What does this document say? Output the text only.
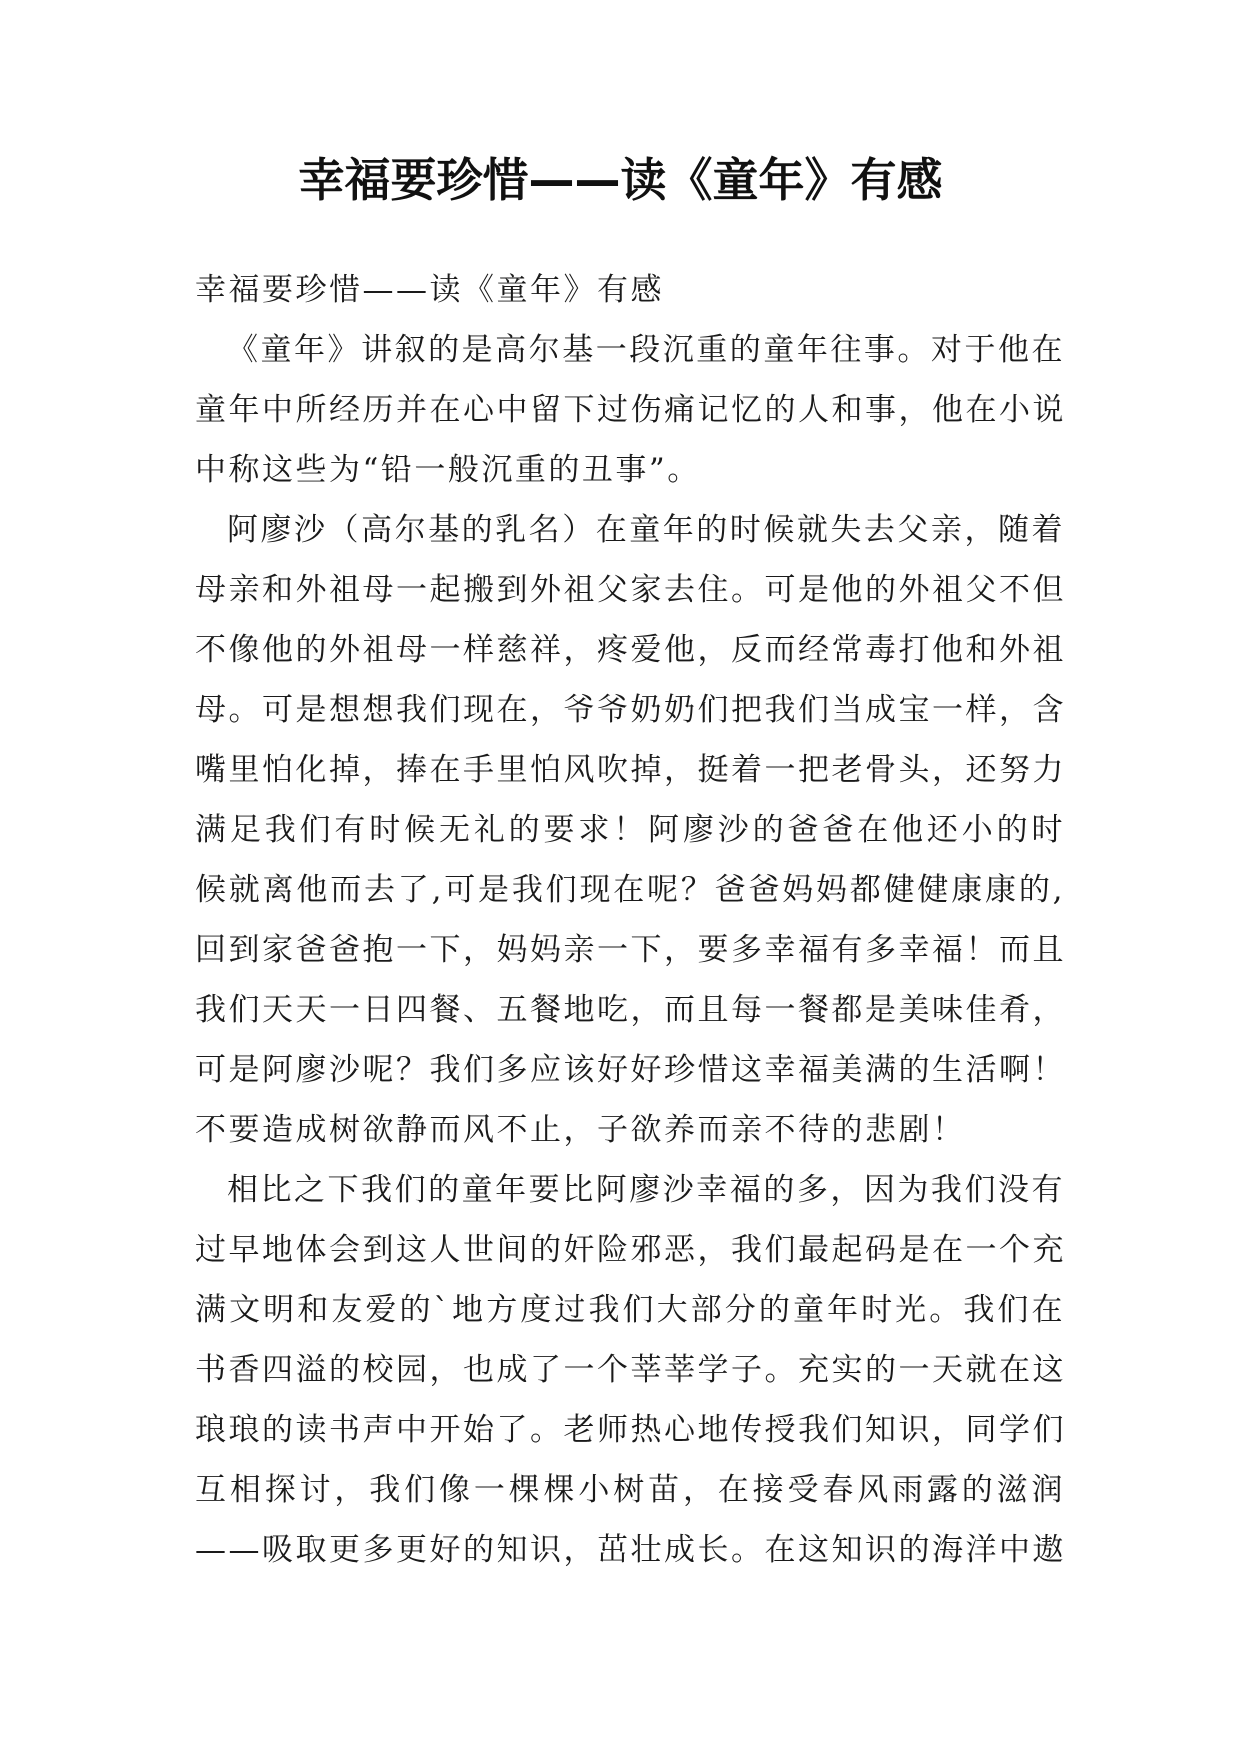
幸福要珍惜——读《童年》有感

幸福要珍惜——读《童年》有感

《童年》讲叙的是高尔基一段沉重的童年往事。对于他在
童年中所经历并在心中留下过伤痛记忆的人和事，他在小说
中称这些为“铅一般沉重的丑事”。
阿廖沙（高尔基的乳名）在童年的时候就失去父亲，随着
母亲和外祖母一起搬到外祖父家去住。可是他的外祖父不但
不像他的外祖母一样慈祥，疼爱他，反而经常毒打他和外祖
母。可是想想我们现在，爷爷奶奶们把我们当成宝一样，含
嘴里怕化掉，捧在手里怕风吹掉，挺着一把老骨头，还努力
满足我们有时候无礼的要求！阿廖沙的爸爸在他还小的时
候就离他而去了,可是我们现在呢？爸爸妈妈都健健康康的,
回到家爸爸抱一下，妈妈亲一下，要多幸福有多幸福！而且
我们天天一日四餐、五餐地吃，而且每一餐都是美味佳肴，
可是阿廖沙呢？我们多应该好好珍惜这幸福美满的生活啊！
不要造成树欲静而风不止，子欲养而亲不待的悲剧！
相比之下我们的童年要比阿廖沙幸福的多，因为我们没有
过早地体会到这人世间的奸险邪恶，我们最起码是在一个充
满文明和友爱的`地方度过我们大部分的童年时光。我们在
书香四溢的校园，也成了一个莘莘学子。充实的一天就在这
琅琅的读书声中开始了。老师热心地传授我们知识，同学们
互相探讨，我们像一棵棵小树苗，在接受春风雨露的滋润
——吸取更多更好的知识，茁壮成长。在这知识的海洋中遨
